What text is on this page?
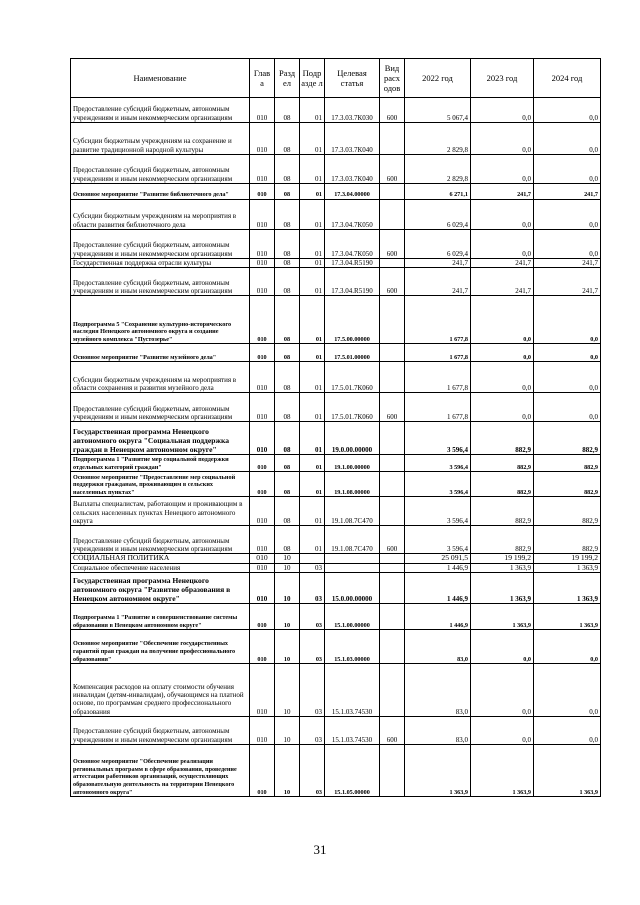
Наименование	Глав а	Разд ел	Подр азде л	Целевая статья	Вид расх одов	2022 год	2023 год	2024 год
Предоставление субсидий бюджетным, автономным учреждениям и иным некоммерческим организациям	010	08	01	17.3.03.7К030	600	5 067,4	0,0	0,0
Субсидии бюджетным учреждениям на сохранение и развитие традиционной народной культуры	010	08	01	17.3.03.7К040		2 829,8	0,0	0,0
Предоставление субсидий бюджетным, автономным учреждениям и иным некоммерческим организациям	010	08	01	17.3.03.7К040	600	2 829,8	0,0	0,0
Основное мероприятие "Развитие библиотечного дела"	010	08	01	17.3.04.00000		6 271,1	241,7	241,7
Субсидии бюджетным учреждениям на мероприятия в области развития библиотечного дела	010	08	01	17.3.04.7К050		6 029,4	0,0	0,0
Предоставление субсидий бюджетным, автономным учреждениям и иным некоммерческим организациям	010	08	01	17.3.04.7К050	600	6 029,4	0,0	0,0
Государственная поддержка отрасли культуры	010	08	01	17.3.04.R5190		241,7	241,7	241,7
Предоставление субсидий бюджетным, автономным учреждениям и иным некоммерческим организациям	010	08	01	17.3.04.R5190	600	241,7	241,7	241,7
Подпрограмма 5 "Сохранение культурно-исторического наследия Ненецкого автономного округа и создание музейного комплекса "Пустозерье"	010	08	01	17.5.00.00000		1 677,8	0,0	0,0
Основное мероприятие "Развитие музейного дела"	010	08	01	17.5.01.00000		1 677,8	0,0	0,0
Субсидии бюджетным учреждениям на мероприятия в области сохранения и развития музейного дела	010	08	01	17.5.01.7К060		1 677,8	0,0	0,0
Предоставление субсидий бюджетным, автономным учреждениям и иным некоммерческим организациям	010	08	01	17.5.01.7К060	600	1 677,8	0,0	0,0
Государственная программа Ненецкого автономного округа "Социальная поддержка граждан в Ненецком автономном округе"	010	08	01	19.0.00.00000		3 596,4	882,9	882,9
Подпрограмма 1 "Развитие мер социальной поддержки отдельных категорий граждан"	010	08	01	19.1.00.00000		3 596,4	882,9	882,9
Основное мероприятие "Предоставление мер социальной поддержки гражданам, проживающим в сельских населенных пунктах"	010	08	01	19.1.08.00000		3 596,4	882,9	882,9
Выплаты специалистам, работающим и проживающим в сельских населенных пунктах Ненецкого автономного округа	010	08	01	19.1.08.7С470		3 596,4	882,9	882,9
Предоставление субсидий бюджетным, автономным учреждениям и иным некоммерческим организациям	010	08	01	19.1.08.7С470	600	3 596,4	882,9	882,9
СОЦИАЛЬНАЯ ПОЛИТИКА	010	10				25 091,5	19 199,2	19 199,2
Социальное обеспечение населения	010	10	03			1 446,9	1 363,9	1 363,9
Государственная программа Ненецкого автономного округа "Развитие образования в Ненецком автономном округе"	010	10	03	15.0.00.00000		1 446,9	1 363,9	1 363,9
Подпрограмма 1 "Развитие и совершенствование системы образования в Ненецком автономном округе"	010	10	03	15.1.00.00000		1 446,9	1 363,9	1 363,9
Основное мероприятие "Обеспечение государственных гарантий прав граждан на получение профессионального образования"	010	10	03	15.1.03.00000		83,0	0,0	0,0
Компенсация расходов на оплату стоимости обучения инвалидам (детям-инвалидам), обучающимся на платной основе, по программам среднего профессионального образования	010	10	03	15.1.03.74530		83,0	0,0	0,0
Предоставление субсидий бюджетным, автономным учреждениям и иным некоммерческим организациям	010	10	03	15.1.03.74530	600	83,0	0,0	0,0
Основное мероприятие "Обеспечение реализации региональных программ в сфере образования, проведение аттестации работников организаций, осуществляющих образовательную деятельность на территории Ненецкого автономного округа"	010	10	03	15.1.05.00000		1 363,9	1 363,9	1 363,9
31
